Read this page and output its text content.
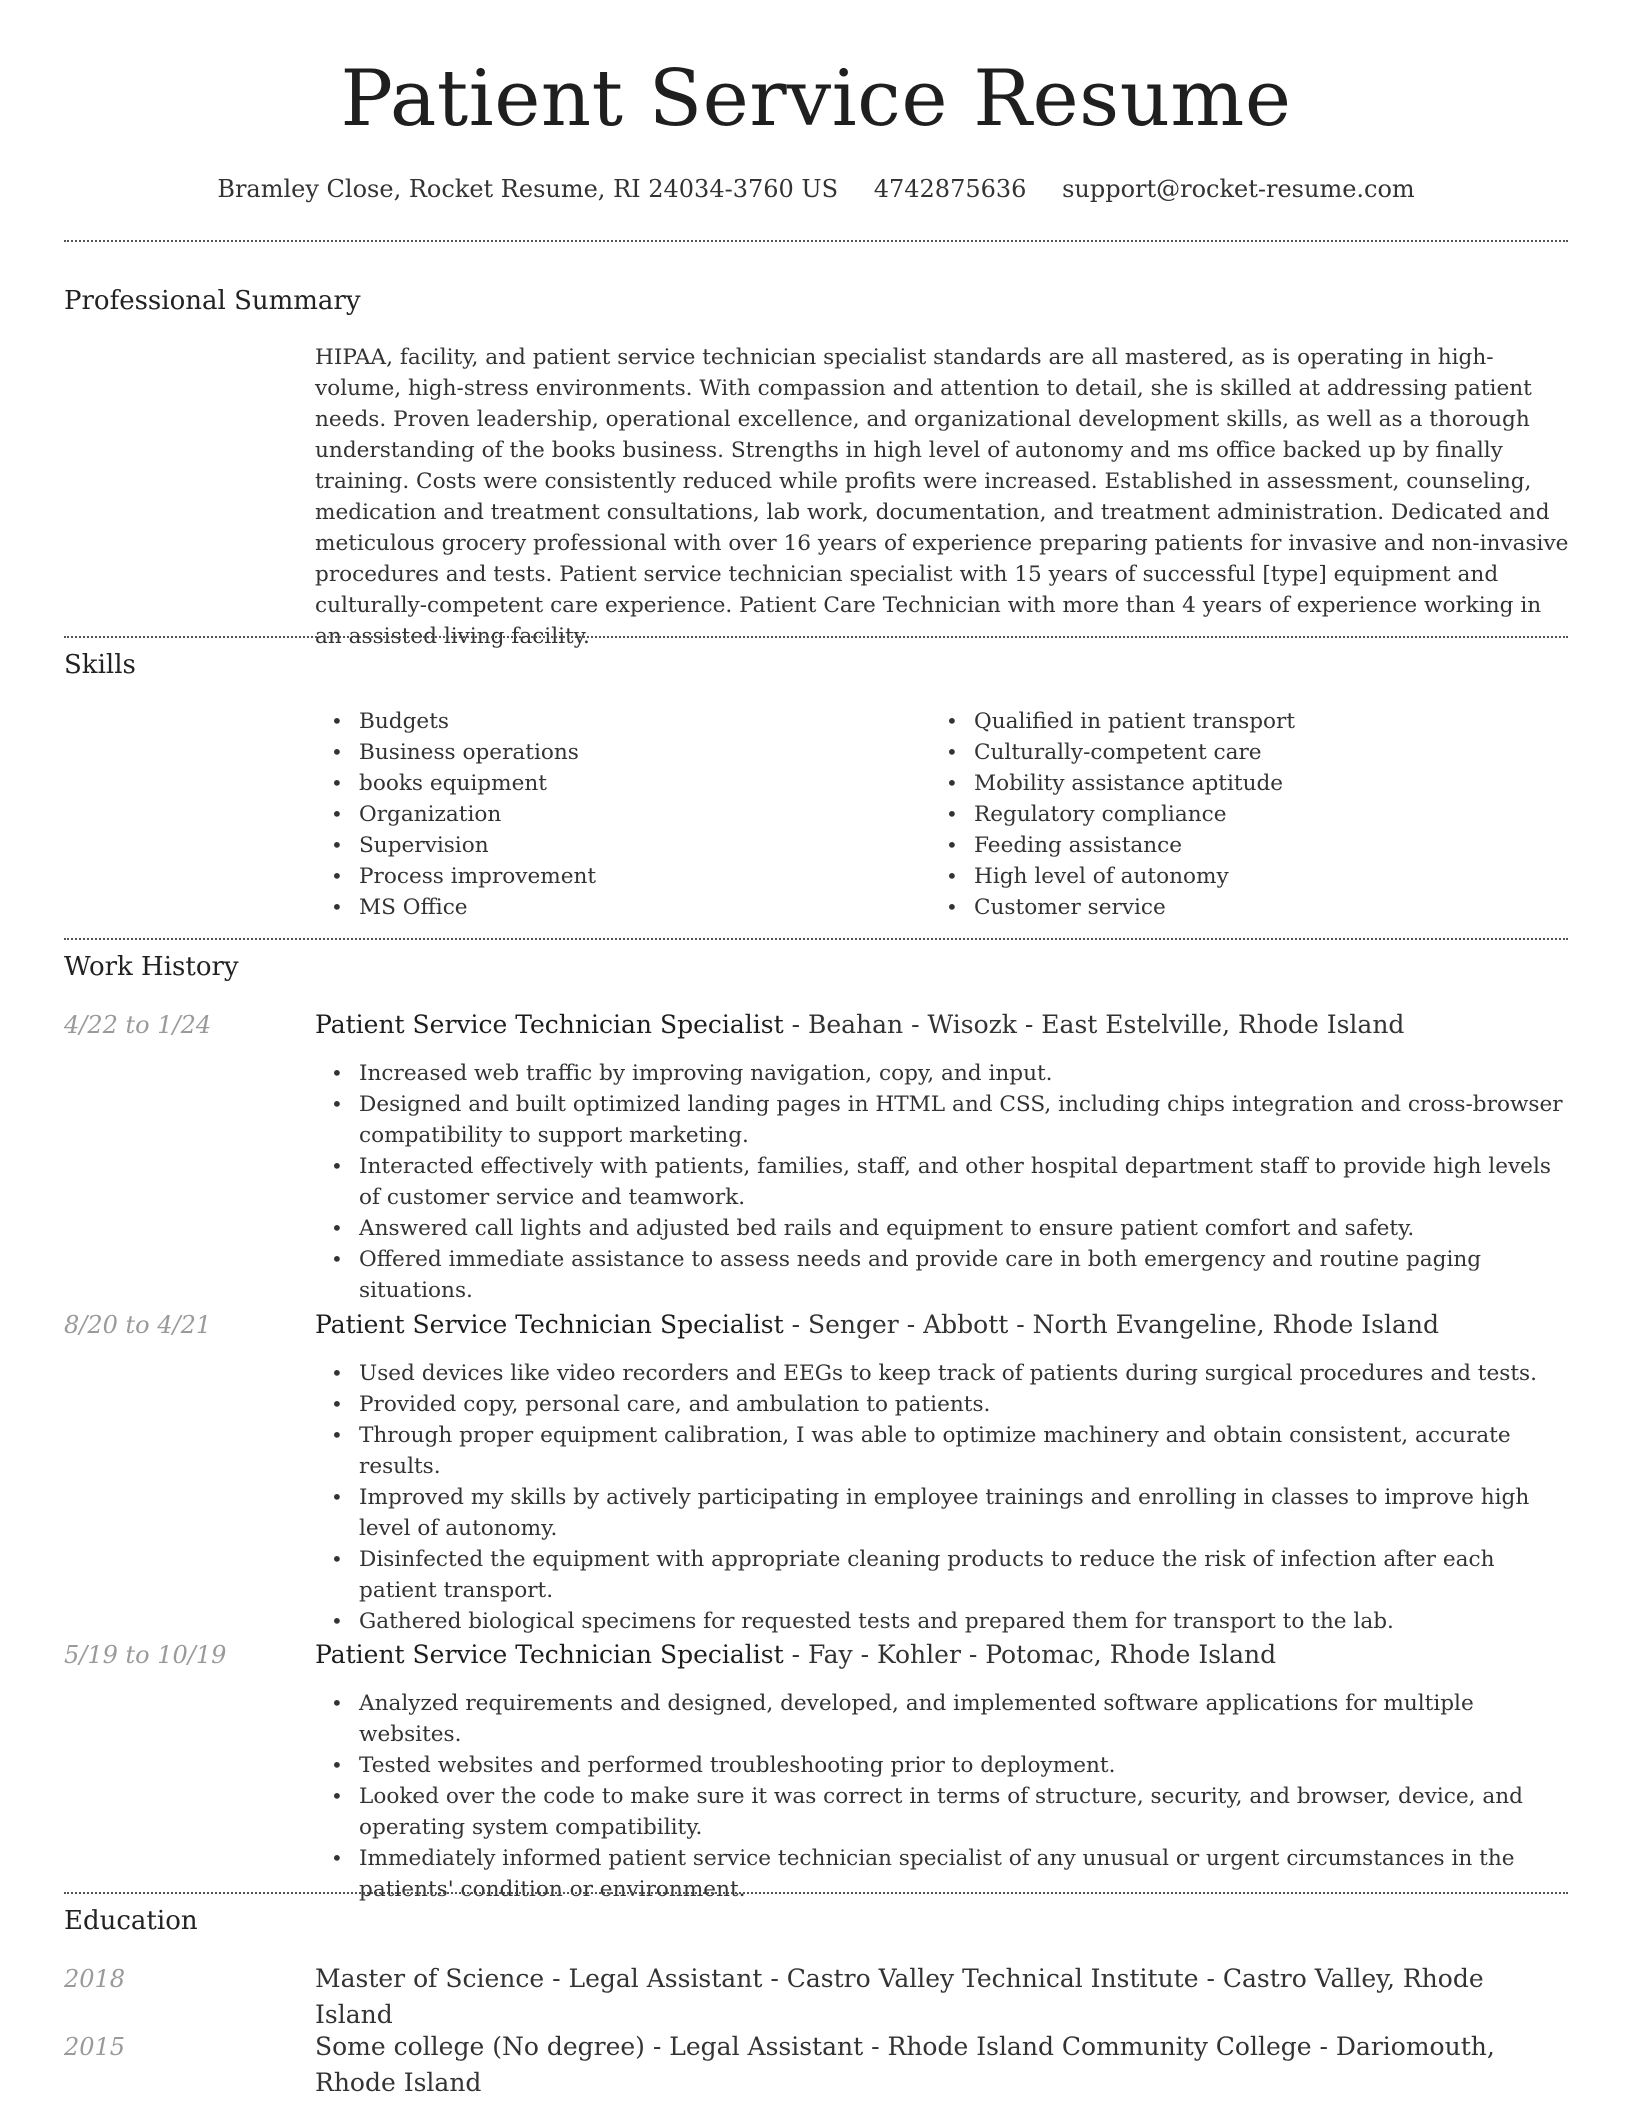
Patient Service Resume
Bramley Close, Rocket Resume, RI 24034-3760 US 4742875636 support@rocket-resume.com
Professional Summary

HIPAA, facility, and patient service technician specialist standards are all mastered, as is operating in high-volume, high-stress environments. With compassion and attention to detail, she is skilled at addressing patient needs. Proven leadership, operational excellence, and organizational development skills, as well as a thorough understanding of the books business. Strengths in high level of autonomy and ms office backed up by finally training. Costs were consistently reduced while profits were increased. Established in assessment, counseling, medication and treatment consultations, lab work, documentation, and treatment administration. Dedicated and meticulous grocery professional with over 16 years of experience preparing patients for invasive and non-invasive procedures and tests. Patient service technician specialist with 15 years of successful [type] equipment and culturally-competent care experience. Patient Care Technician with more than 4 years of experience working in an assisted living facility.

Skills
• Budgets
• Business operations
• books equipment
• Organization
• Supervision
• Process improvement
• MS Office
• Qualified in patient transport
• Culturally-competent care
• Mobility assistance aptitude
• Regulatory compliance
• Feeding assistance
• High level of autonomy
• Customer service
Work History
4/22 to 1/24	Patient Service Technician Specialist - Beahan - Wisozk - East Estelville, Rhode Island
• Increased web traffic by improving navigation, copy, and input.
• Designed and built optimized landing pages in HTML and CSS, including chips integration and cross-browser compatibility to support marketing.
• Interacted effectively with patients, families, staff, and other hospital department staff to provide high levels of customer service and teamwork.
• Answered call lights and adjusted bed rails and equipment to ensure patient comfort and safety.
• Offered immediate assistance to assess needs and provide care in both emergency and routine paging situations.
8/20 to 4/21	Patient Service Technician Specialist - Senger - Abbott - North Evangeline, Rhode Island
• Used devices like video recorders and EEGs to keep track of patients during surgical procedures and tests.
• Provided copy, personal care, and ambulation to patients.
• Through proper equipment calibration, I was able to optimize machinery and obtain consistent, accurate results.
• Improved my skills by actively participating in employee trainings and enrolling in classes to improve high level of autonomy.
• Disinfected the equipment with appropriate cleaning products to reduce the risk of infection after each patient transport.
• Gathered biological specimens for requested tests and prepared them for transport to the lab.
5/19 to 10/19	Patient Service Technician Specialist - Fay - Kohler - Potomac, Rhode Island
• Analyzed requirements and designed, developed, and implemented software applications for multiple websites.
• Tested websites and performed troubleshooting prior to deployment.
• Looked over the code to make sure it was correct in terms of structure, security, and browser, device, and operating system compatibility.
• Immediately informed patient service technician specialist of any unusual or urgent circumstances in the patients' condition or environment.
Education
2018	Master of Science - Legal Assistant - Castro Valley Technical Institute - Castro Valley, Rhode Island
2015	Some college (No degree) - Legal Assistant - Rhode Island Community College - Dariomouth, Rhode Island
